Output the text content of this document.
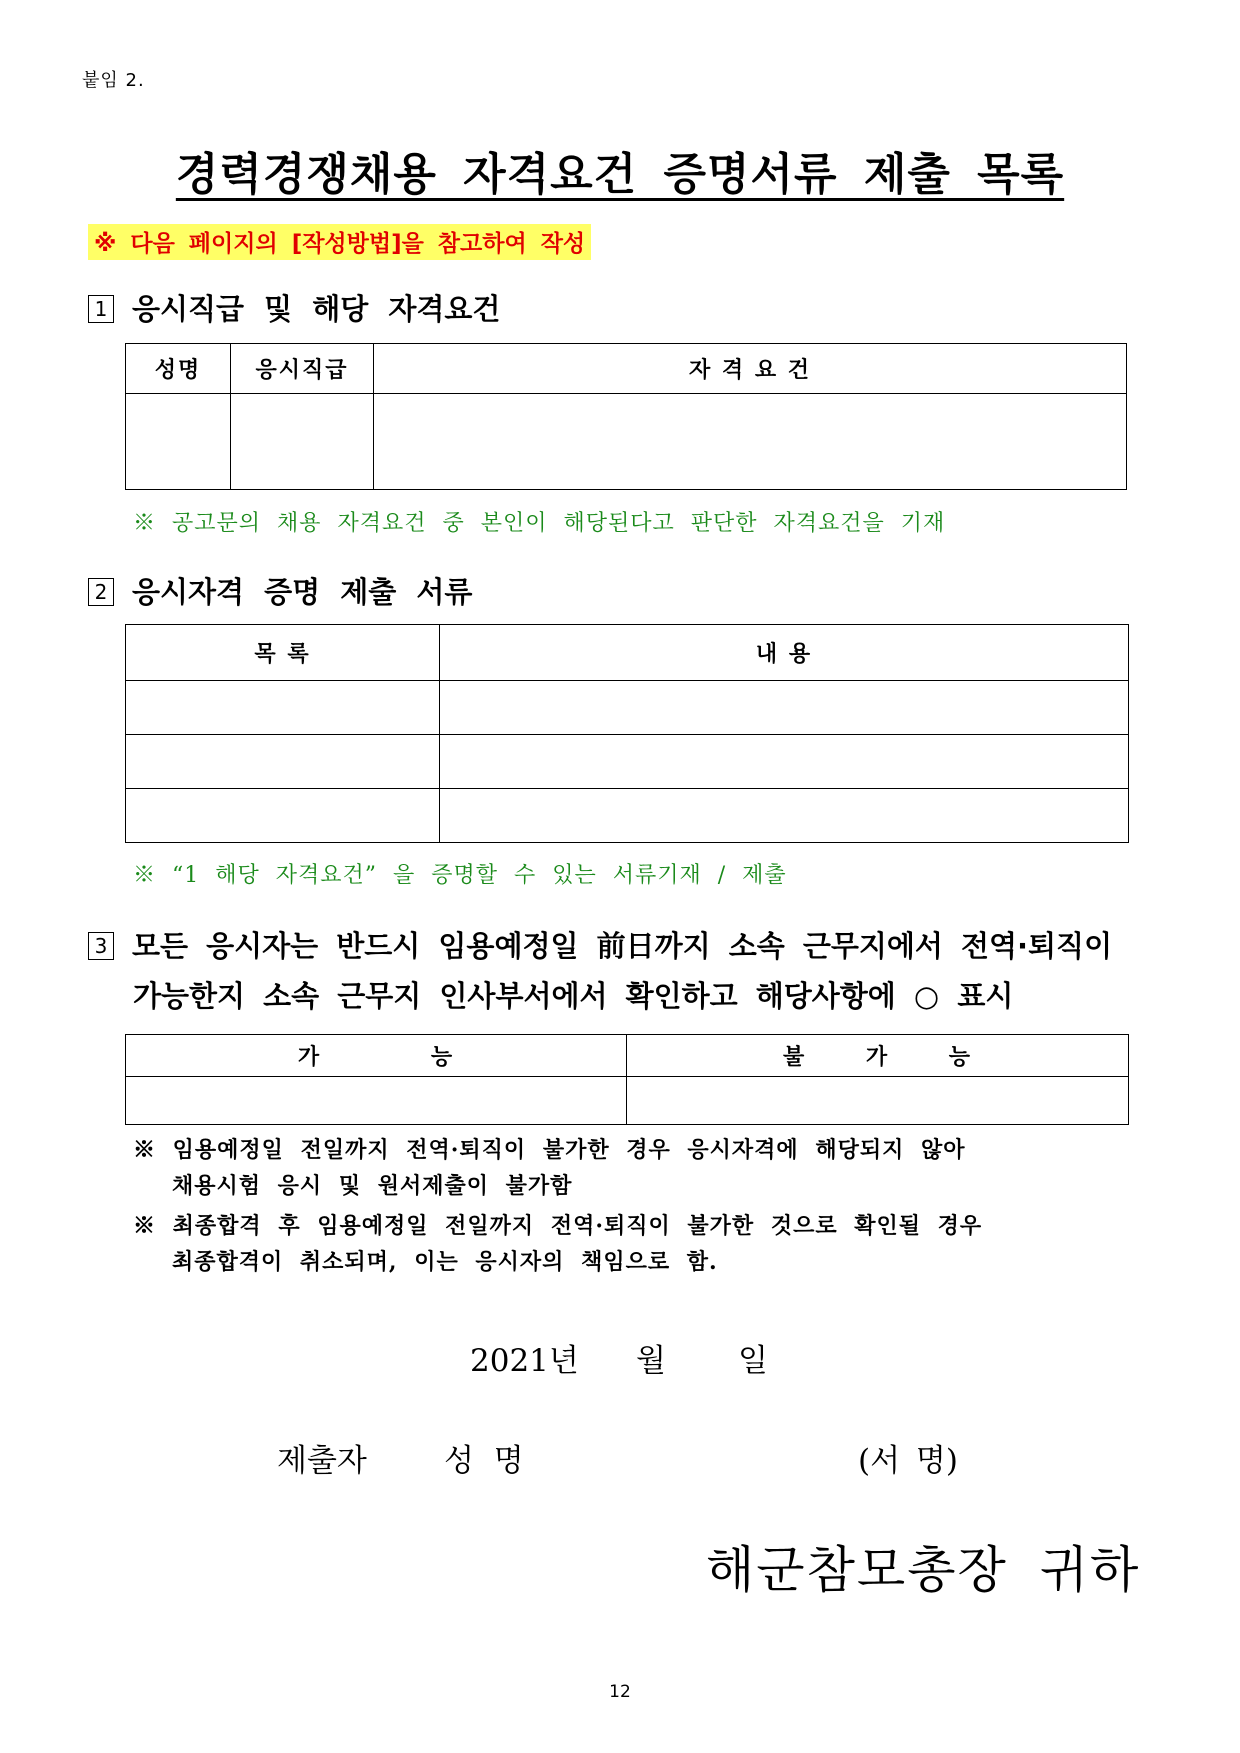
붙임 2.
경력경쟁채용 자격요건 증명서류 제출 목록
※ 다음 페이지의 [작성방법]을 참고하여 작성
1 응시직급 및 해당 자격요건
성명	응시직급	자 격 요 건

※ 공고문의 채용 자격요건 중 본인이 해당된다고 판단한 자격요건을 기재
2 응시자격 증명 제출 서류
목 록	내 용

※ “1 해당 자격요건” 을 증명할 수 있는 서류기재 / 제출
3 모든 응시자는 반드시 임용예정일 前日까지 소속 근무지에서 전역·퇴직이
가능한지 소속 근무지 인사부서에서 확인하고 해당사항에 ○ 표시
가 능	불 가 능

※ 임용예정일 전일까지 전역·퇴직이 불가한 경우 응시자격에 해당되지 않아
채용시험 응시 및 원서제출이 불가함
※ 최종합격 후 임용예정일 전일까지 전역·퇴직이 불가한 것으로 확인될 경우
최종합격이 취소되며, 이는 응시자의 책임으로 함.
2021년 월 일
제출자 성 명	(서 명)
해군참모총장 귀하
12
